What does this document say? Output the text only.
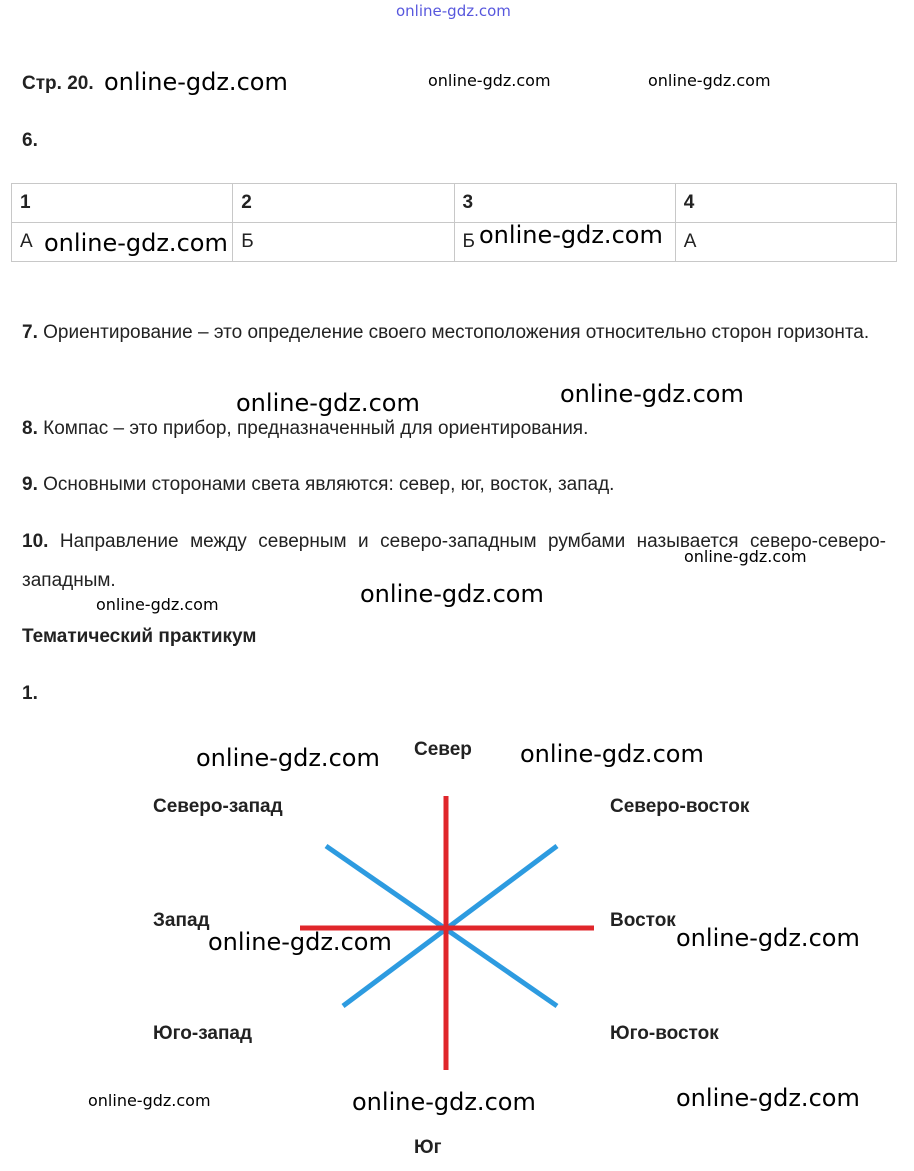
online-gdz.com
Стр. 20. online-gdz.com	online-gdz.com	online-gdz.com
6.
1	2	3	4
А	Б	Б	А
online-gdz.com	online-gdz.com
7. Ориентирование – это определение своего местоположения относительно сторон горизонта.
online-gdz.com	online-gdz.com
8. Компас – это прибор, предназначенный для ориентирования.
9. Основными сторонами света являются: север, юг, восток, запад.
10. Направление между северным и северо-западным румбами называется северо-северо-западным.
online-gdz.com
online-gdz.com	online-gdz.com
Тематический практикум
1.
Север
Северо-запад	Северо-восток
Запад	Восток
Юго-запад	Юго-восток
Юг
online-gdz.com	online-gdz.com
online-gdz.com	online-gdz.com
online-gdz.com	online-gdz.com	online-gdz.com
